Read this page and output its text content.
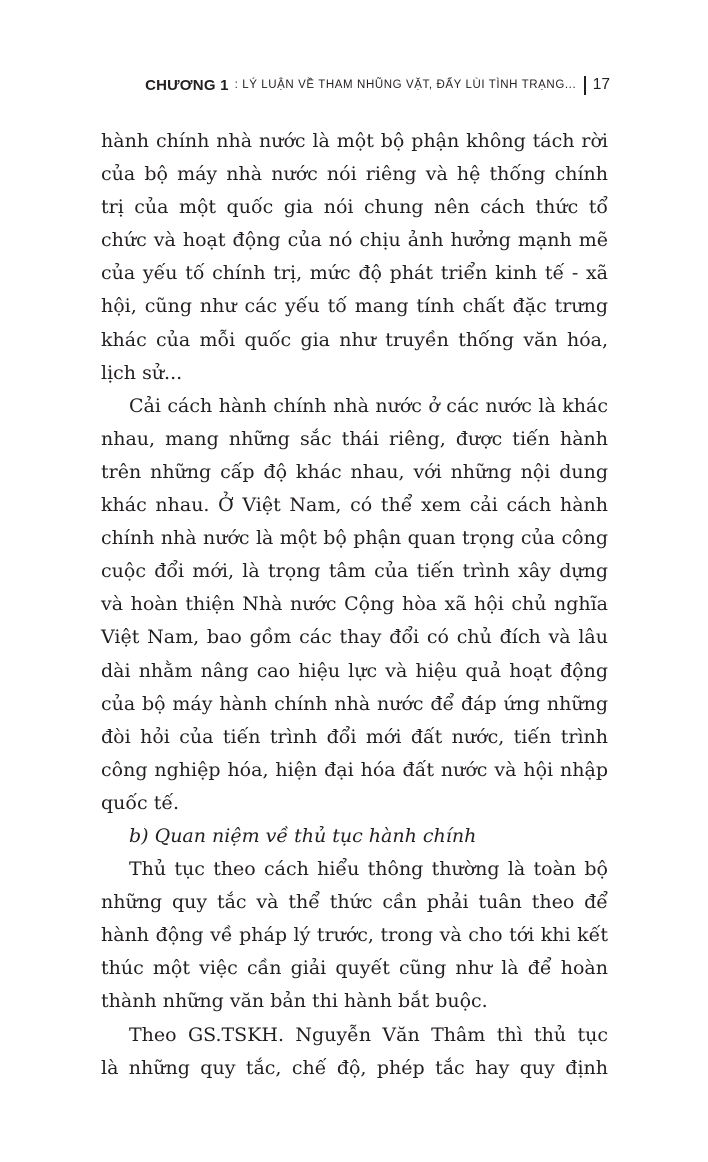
CHƯƠNG 1 : LÝ LUẬN VỀ THAM NHŨNG VẶT, ĐẨY LÙI TÌNH TRẠNG... 17
hành chính nhà nước là một bộ phận không tách rời
của bộ máy nhà nước nói riêng và hệ thống chính
trị của một quốc gia nói chung nên cách thức tổ
chức và hoạt động của nó chịu ảnh hưởng mạnh mẽ
của yếu tố chính trị, mức độ phát triển kinh tế - xã
hội, cũng như các yếu tố mang tính chất đặc trưng
khác của mỗi quốc gia như truyền thống văn hóa,
lịch sử...
Cải cách hành chính nhà nước ở các nước là khác
nhau, mang những sắc thái riêng, được tiến hành
trên những cấp độ khác nhau, với những nội dung
khác nhau. Ở Việt Nam, có thể xem cải cách hành
chính nhà nước là một bộ phận quan trọng của công
cuộc đổi mới, là trọng tâm của tiến trình xây dựng
và hoàn thiện Nhà nước Cộng hòa xã hội chủ nghĩa
Việt Nam, bao gồm các thay đổi có chủ đích và lâu
dài nhằm nâng cao hiệu lực và hiệu quả hoạt động
của bộ máy hành chính nhà nước để đáp ứng những
đòi hỏi của tiến trình đổi mới đất nước, tiến trình
công nghiệp hóa, hiện đại hóa đất nước và hội nhập
quốc tế.
b) Quan niệm về thủ tục hành chính
Thủ tục theo cách hiểu thông thường là toàn bộ
những quy tắc và thể thức cần phải tuân theo để
hành động về pháp lý trước, trong và cho tới khi kết
thúc một việc cần giải quyết cũng như là để hoàn
thành những văn bản thi hành bắt buộc.
Theo GS.TSKH. Nguyễn Văn Thâm thì thủ tục
là những quy tắc, chế độ, phép tắc hay quy định
